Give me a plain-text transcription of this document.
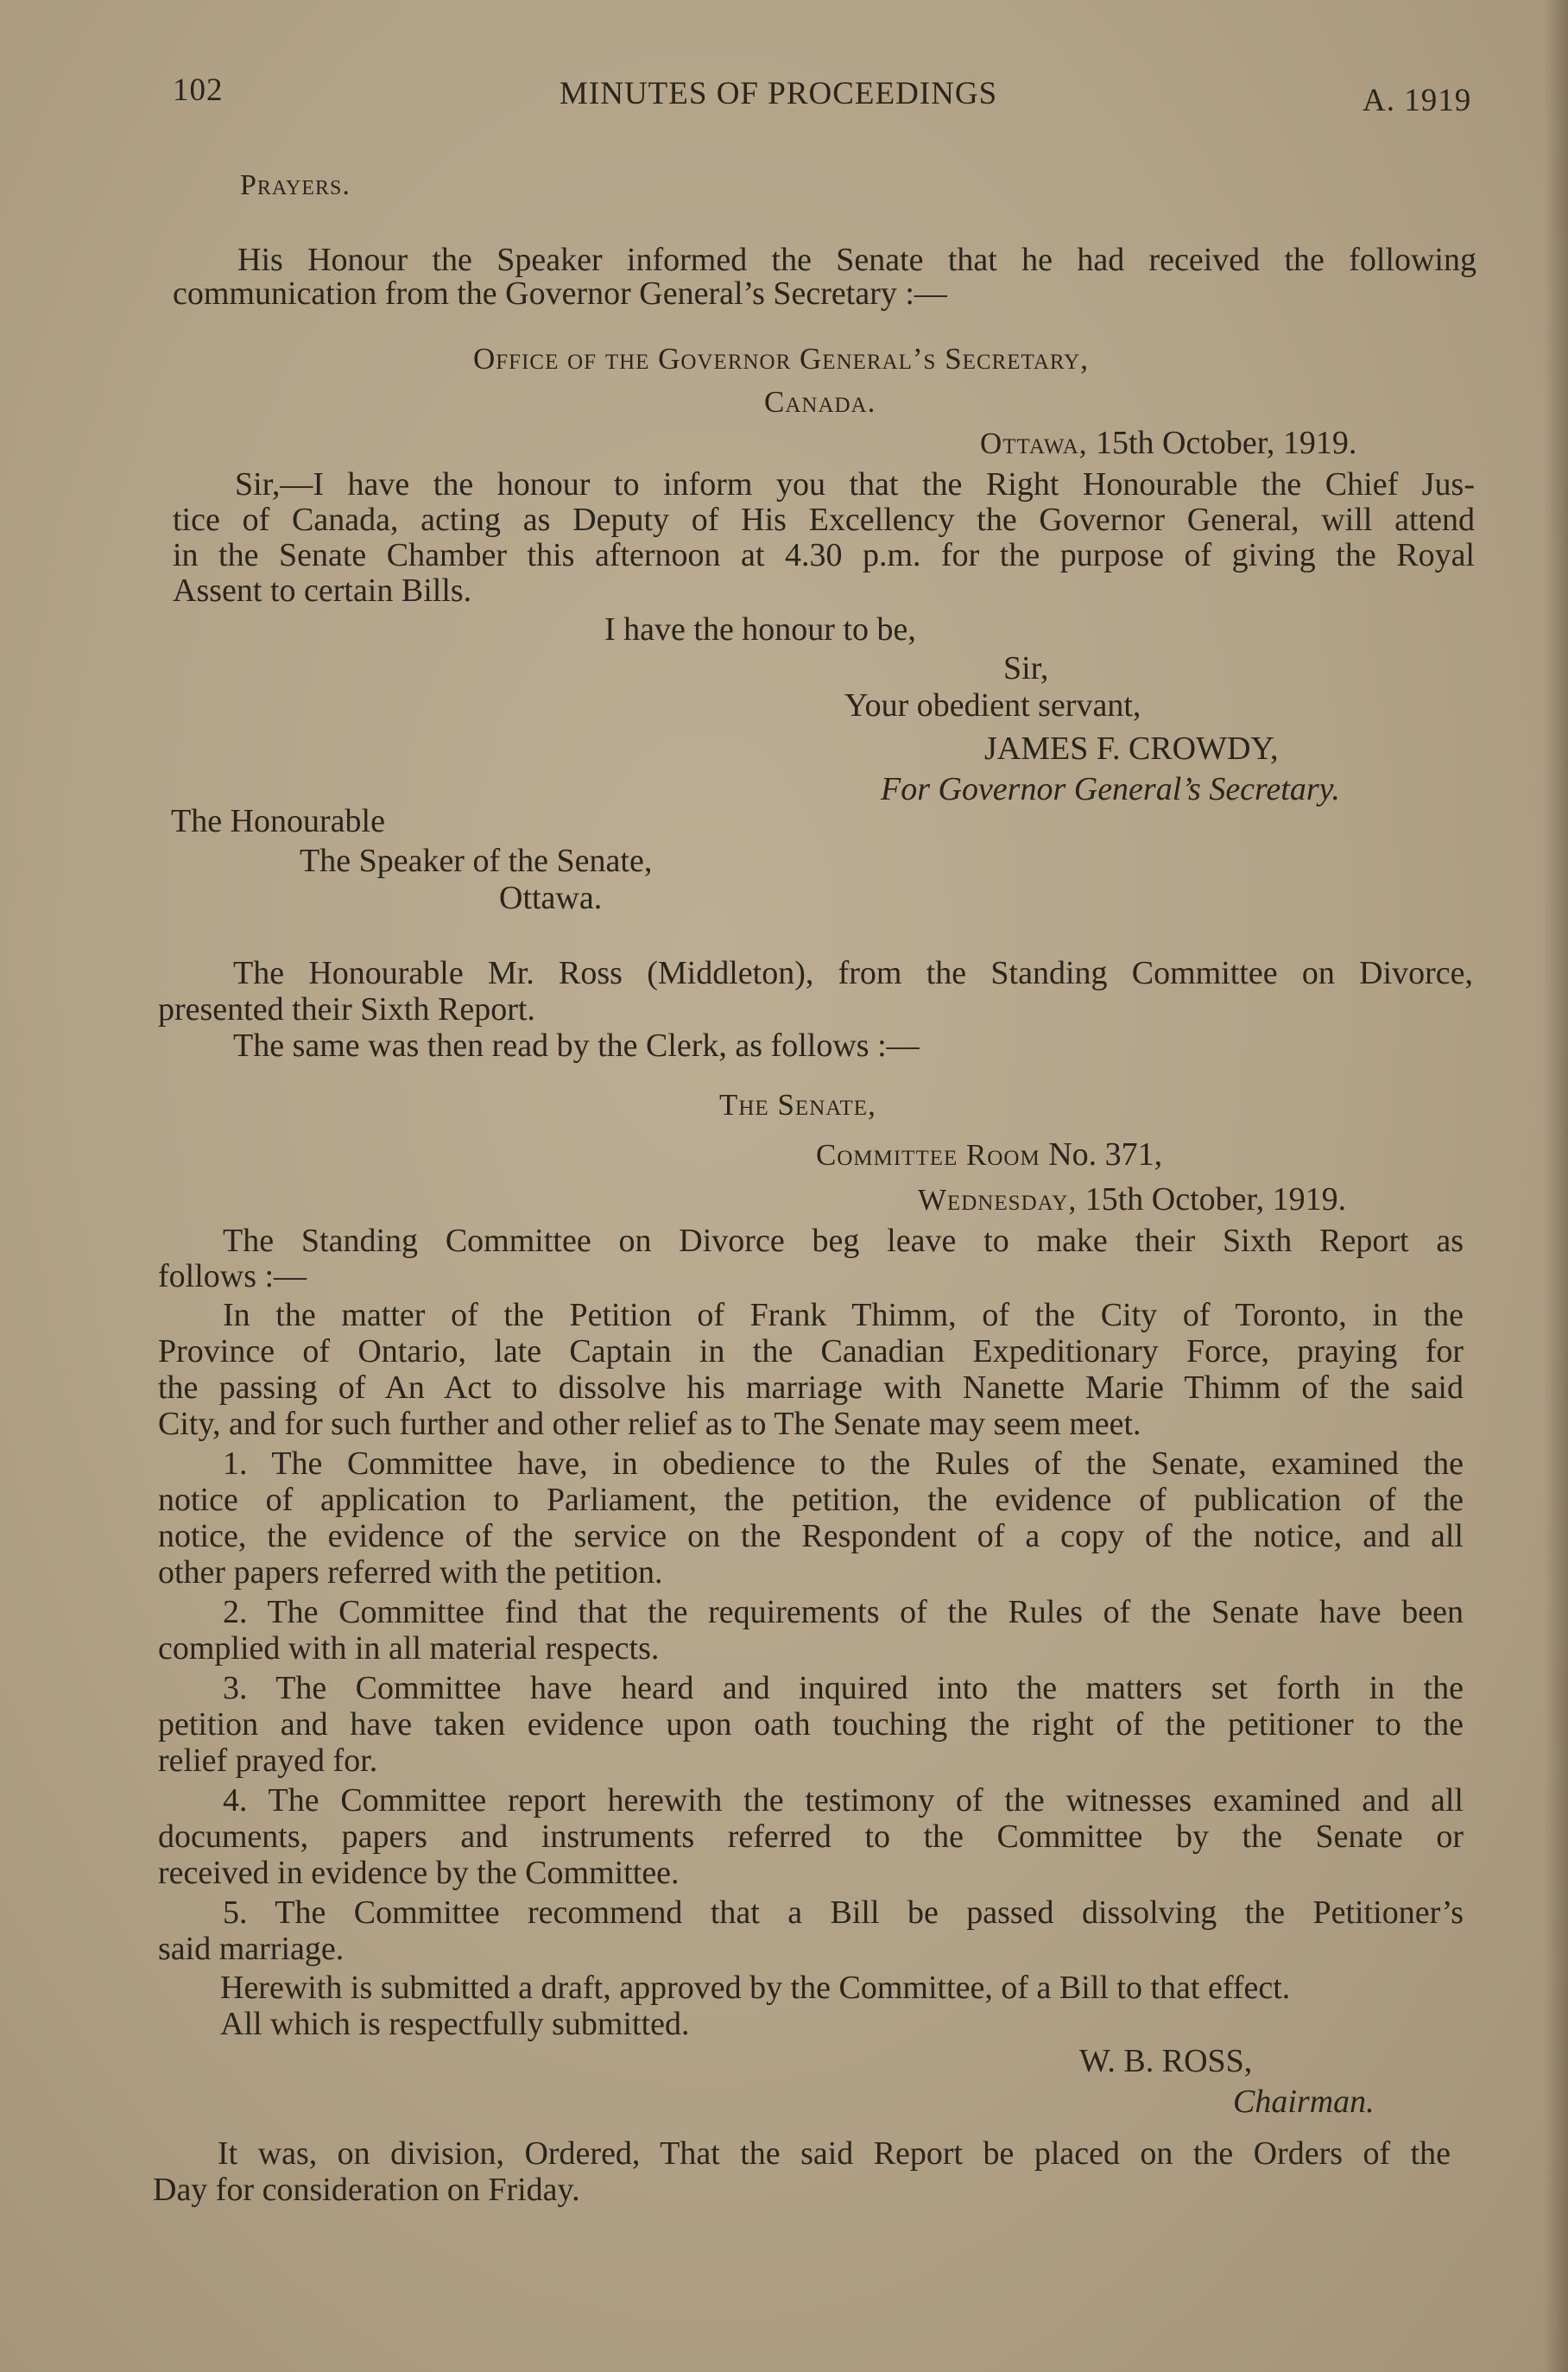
102	MINUTES OF PROCEEDINGS	A. 1919
Prayers.
His Honour the Speaker informed the Senate that he had received the following
communication from the Governor General’s Secretary :—
Office of the Governor General’s Secretary,
Canada.
Ottawa, 15th October, 1919.
Sir,—I have the honour to inform you that the Right Honourable the Chief Jus-
tice of Canada, acting as Deputy of His Excellency the Governor General, will attend
in the Senate Chamber this afternoon at 4.30 p.m. for the purpose of giving the Royal
Assent to certain Bills.
I have the honour to be,
Sir,
Your obedient servant,
JAMES F. CROWDY,
For Governor General’s Secretary.
The Honourable
The Speaker of the Senate,
Ottawa.
The Honourable Mr. Ross (Middleton), from the Standing Committee on Divorce,
presented their Sixth Report.
The same was then read by the Clerk, as follows :—
The Senate,
Committee Room No. 371,
Wednesday, 15th October, 1919.
The Standing Committee on Divorce beg leave to make their Sixth Report as
follows :—
In the matter of the Petition of Frank Thimm, of the City of Toronto, in the
Province of Ontario, late Captain in the Canadian Expeditionary Force, praying for
the passing of An Act to dissolve his marriage with Nanette Marie Thimm of the said
City, and for such further and other relief as to The Senate may seem meet.
1. The Committee have, in obedience to the Rules of the Senate, examined the
notice of application to Parliament, the petition, the evidence of publication of the
notice, the evidence of the service on the Respondent of a copy of the notice, and all
other papers referred with the petition.
2. The Committee find that the requirements of the Rules of the Senate have been
complied with in all material respects.
3. The Committee have heard and inquired into the matters set forth in the
petition and have taken evidence upon oath touching the right of the petitioner to the
relief prayed for.
4. The Committee report herewith the testimony of the witnesses examined and all
documents, papers and instruments referred to the Committee by the Senate or
received in evidence by the Committee.
5. The Committee recommend that a Bill be passed dissolving the Petitioner’s
said marriage.
Herewith is submitted a draft, approved by the Committee, of a Bill to that effect.
All which is respectfully submitted.
W. B. ROSS,
Chairman.
It was, on division, Ordered, That the said Report be placed on the Orders of the
Day for consideration on Friday.
